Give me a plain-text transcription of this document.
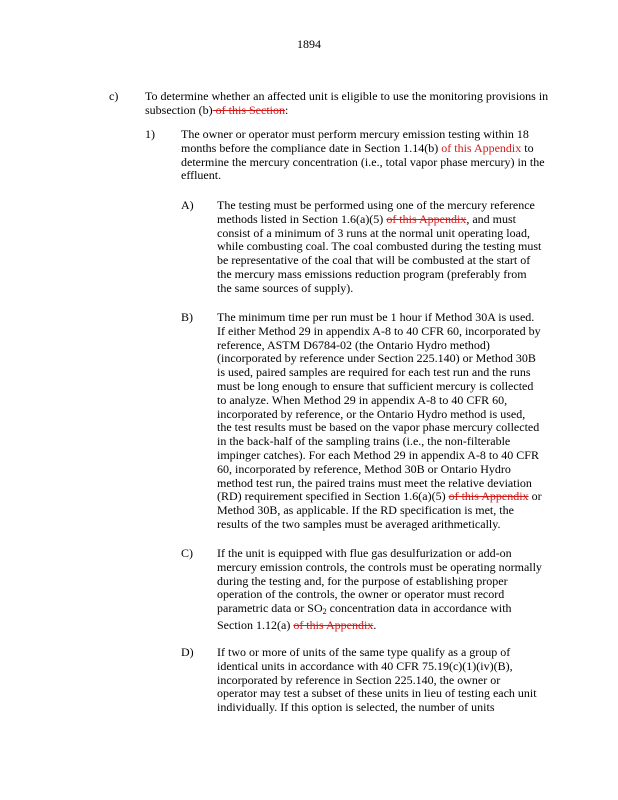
1894
c) To determine whether an affected unit is eligible to use the monitoring provisions in subsection (b) of this Section:
1) The owner or operator must perform mercury emission testing within 18 months before the compliance date in Section 1.14(b) of this Appendix to determine the mercury concentration (i.e., total vapor phase mercury) in the effluent.
A) The testing must be performed using one of the mercury reference methods listed in Section 1.6(a)(5) of this Appendix, and must consist of a minimum of 3 runs at the normal unit operating load, while combusting coal. The coal combusted during the testing must be representative of the coal that will be combusted at the start of the mercury mass emissions reduction program (preferably from the same sources of supply).
B) The minimum time per run must be 1 hour if Method 30A is used. If either Method 29 in appendix A-8 to 40 CFR 60, incorporated by reference, ASTM D6784-02 (the Ontario Hydro method) (incorporated by reference under Section 225.140) or Method 30B is used, paired samples are required for each test run and the runs must be long enough to ensure that sufficient mercury is collected to analyze. When Method 29 in appendix A-8 to 40 CFR 60, incorporated by reference, or the Ontario Hydro method is used, the test results must be based on the vapor phase mercury collected in the back-half of the sampling trains (i.e., the non-filterable impinger catches). For each Method 29 in appendix A-8 to 40 CFR 60, incorporated by reference, Method 30B or Ontario Hydro method test run, the paired trains must meet the relative deviation (RD) requirement specified in Section 1.6(a)(5) of this Appendix or Method 30B, as applicable. If the RD specification is met, the results of the two samples must be averaged arithmetically.
C) If the unit is equipped with flue gas desulfurization or add-on mercury emission controls, the controls must be operating normally during the testing and, for the purpose of establishing proper operation of the controls, the owner or operator must record parametric data or $SO_2$ concentration data in accordance with Section 1.12(a) of this Appendix.
D) If two or more of units of the same type qualify as a group of identical units in accordance with 40 CFR 75.19(c)(1)(iv)(B), incorporated by reference in Section 225.140, the owner or operator may test a subset of these units in lieu of testing each unit individually. If this option is selected, the number of units
